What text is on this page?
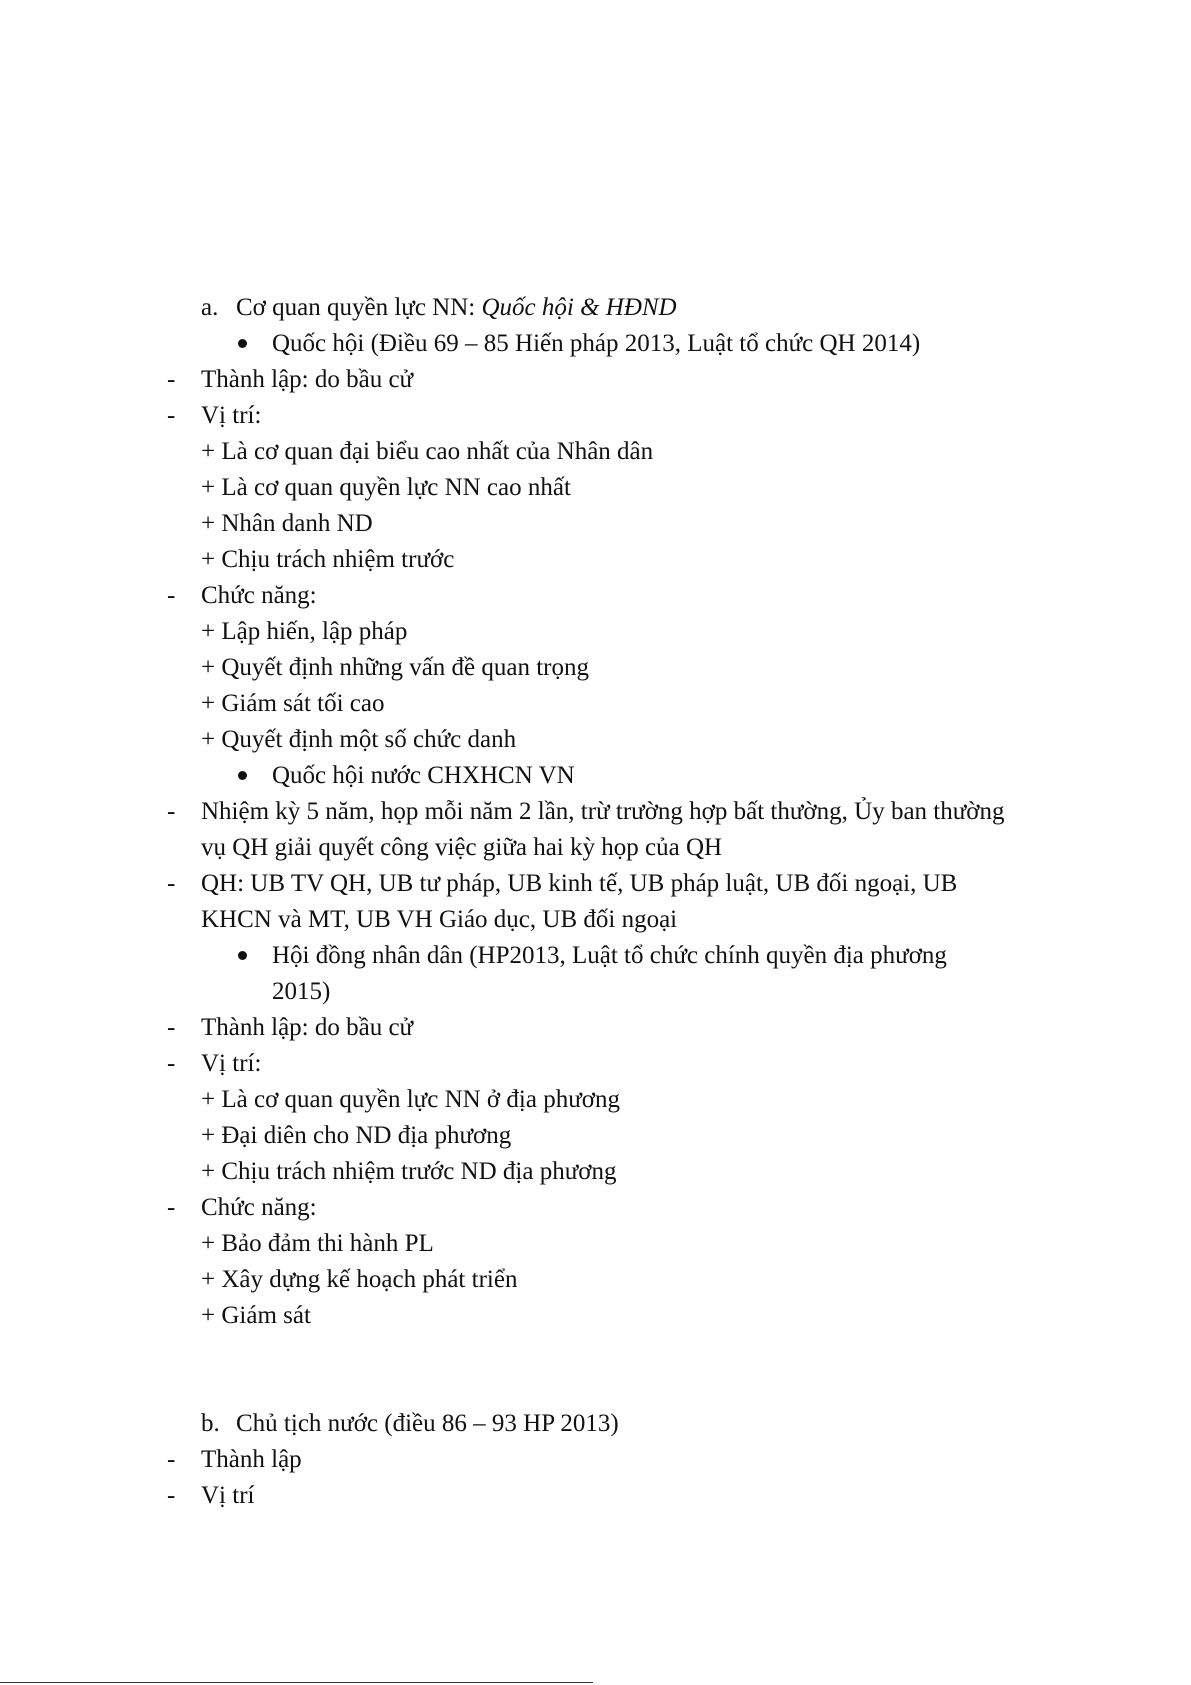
a. Cơ quan quyền lực NN: Quốc hội & HĐND
Quốc hội (Điều 69 – 85 Hiến pháp 2013, Luật tổ chức QH 2014)
- Thành lập: do bầu cử
- Vị trí:
+ Là cơ quan đại biểu cao nhất của Nhân dân
+ Là cơ quan quyền lực NN cao nhất
+ Nhân danh ND
+ Chịu trách nhiệm trước
- Chức năng:
+ Lập hiến, lập pháp
+ Quyết định những vấn đề quan trọng
+ Giám sát tối cao
+ Quyết định một số chức danh
Quốc hội nước CHXHCN VN
- Nhiệm kỳ 5 năm, họp mỗi năm 2 lần, trừ trường hợp bất thường, Ủy ban thường
vụ QH giải quyết công việc giữa hai kỳ họp của QH
- QH: UB TV QH, UB tư pháp, UB kinh tế, UB pháp luật, UB đối ngoại, UB
KHCN và MT, UB VH Giáo dục, UB đối ngoại
Hội đồng nhân dân (HP2013, Luật tổ chức chính quyền địa phương
2015)
- Thành lập: do bầu cử
- Vị trí:
+ Là cơ quan quyền lực NN ở địa phương
+ Đại diên cho ND địa phương
+ Chịu trách nhiệm trước ND địa phương
- Chức năng:
+ Bảo đảm thi hành PL
+ Xây dựng kế hoạch phát triển
+ Giám sát
b. Chủ tịch nước (điều 86 – 93 HP 2013)
- Thành lập
- Vị trí
